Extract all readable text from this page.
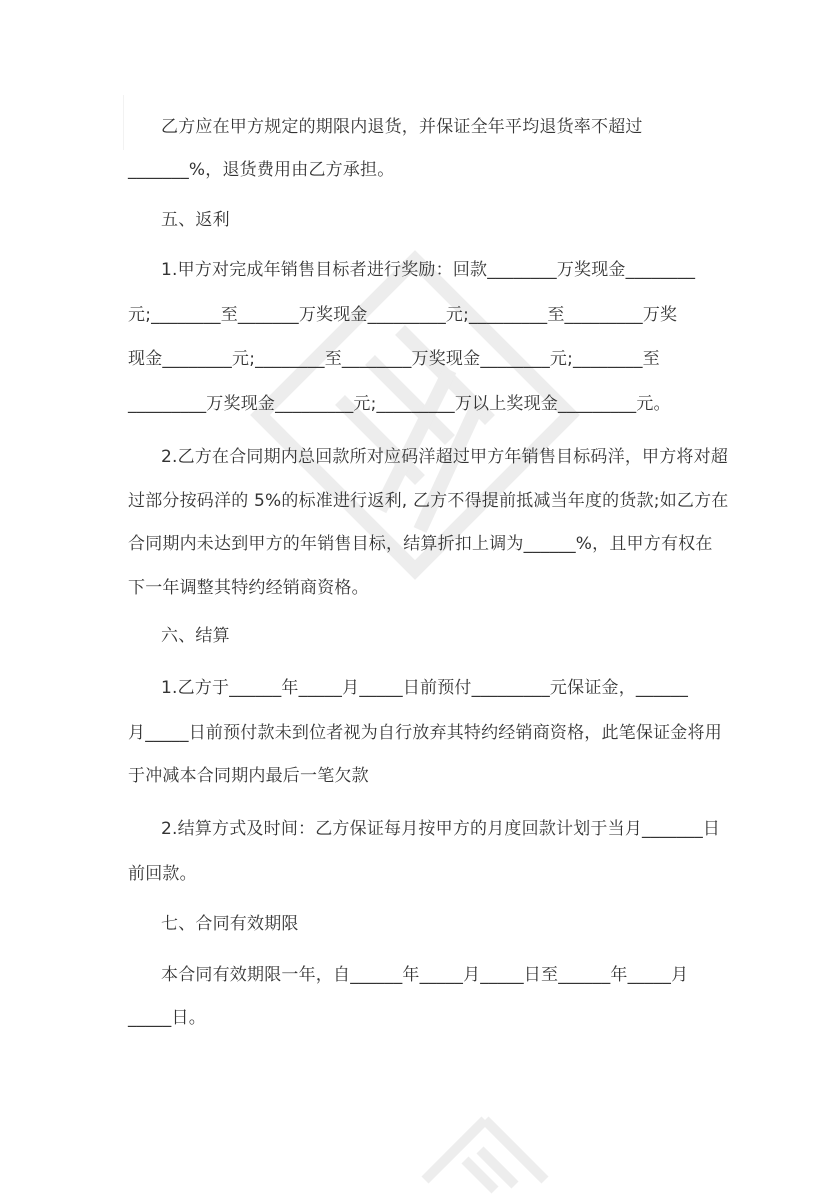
乙方应在甲方规定的期限内退货，并保证全年平均退货率不超过
_______%，退货费用由乙方承担。
五、返利
1.甲方对完成年销售目标者进行奖励：回款________万奖现金________
元;________至_______万奖现金_________元;_________至_________万奖
现金________元;________至________万奖现金________元;________至
_________万奖现金_________元;_________万以上奖现金_________元。
2.乙方在合同期内总回款所对应码洋超过甲方年销售目标码洋，甲方将对超
过部分按码洋的 5%的标准进行返利, 乙方不得提前抵减当年度的货款;如乙方在
合同期内未达到甲方的年销售目标，结算折扣上调为______%，且甲方有权在
下一年调整其特约经销商资格。
六、结算
1.乙方于______年_____月_____日前预付_________元保证金，______
月_____日前预付款未到位者视为自行放弃其特约经销商资格，此笔保证金将用
于冲减本合同期内最后一笔欠款
2.结算方式及时间：乙方保证每月按甲方的月度回款计划于当月_______日
前回款。
七、合同有效期限
本合同有效期限一年，自______年_____月_____日至______年_____月
_____日。
